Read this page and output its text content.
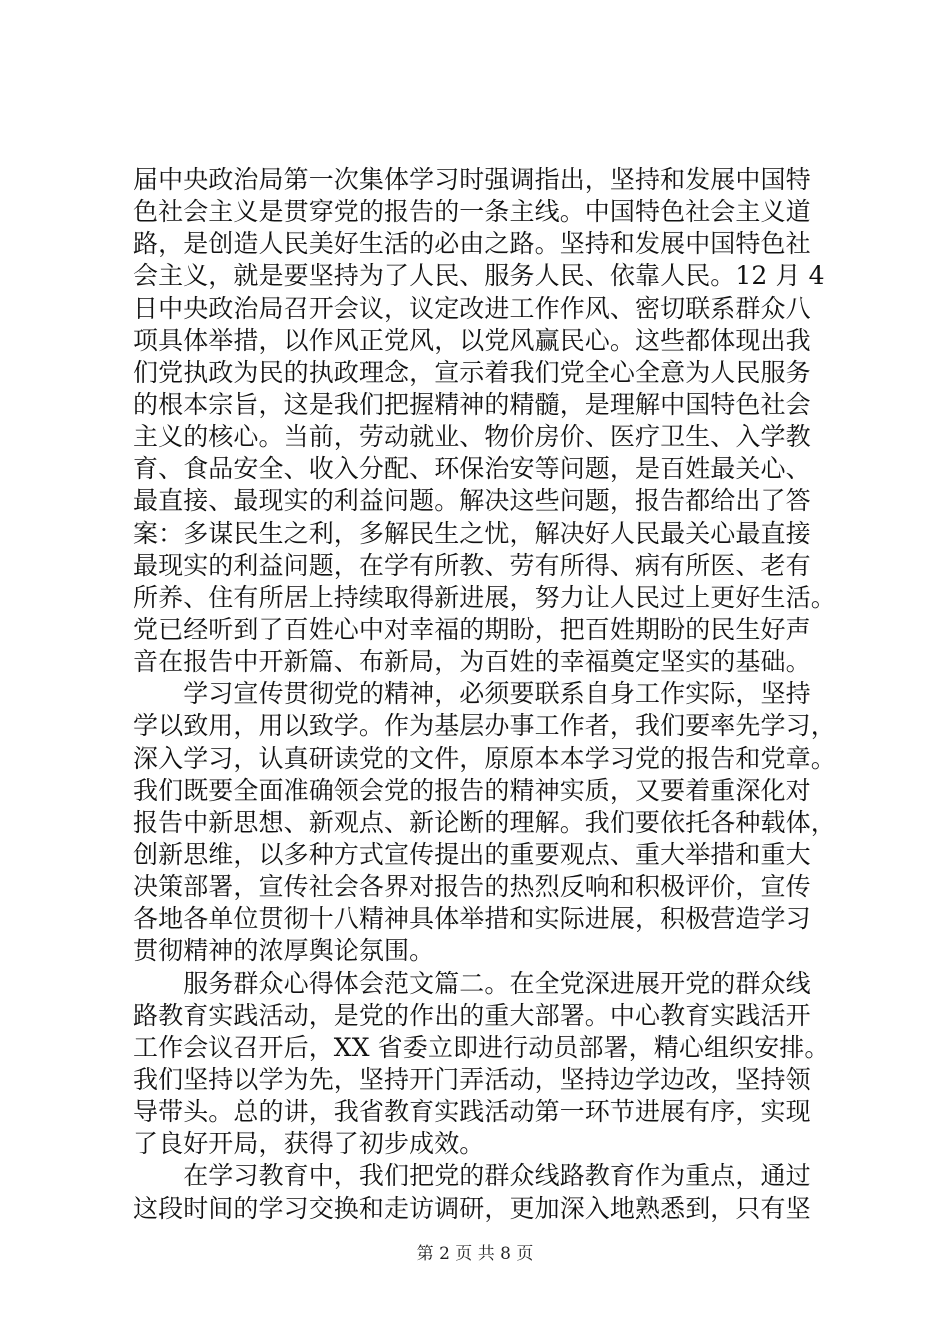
届中央政治局第一次集体学习时强调指出，坚持和发展中国特
色社会主义是贯穿党的报告的一条主线。中国特色社会主义道
路，是创造人民美好生活的必由之路。坚持和发展中国特色社
会主义，就是要坚持为了人民、服务人民、依靠人民。12 月 4
日中央政治局召开会议，议定改进工作作风、密切联系群众八
项具体举措，以作风正党风，以党风赢民心。这些都体现出我
们党执政为民的执政理念，宣示着我们党全心全意为人民服务
的根本宗旨，这是我们把握精神的精髓，是理解中国特色社会
主义的核心。当前，劳动就业、物价房价、医疗卫生、入学教
育、食品安全、收入分配、环保治安等问题，是百姓最关心、
最直接、最现实的利益问题。解决这些问题，报告都给出了答
案：多谋民生之利，多解民生之忧，解决好人民最关心最直接
最现实的利益问题，在学有所教、劳有所得、病有所医、老有
所养、住有所居上持续取得新进展，努力让人民过上更好生活。
党已经听到了百姓心中对幸福的期盼，把百姓期盼的民生好声
音在报告中开新篇、布新局，为百姓的幸福奠定坚实的基础。
　　学习宣传贯彻党的精神，必须要联系自身工作实际，坚持
学以致用，用以致学。作为基层办事工作者，我们要率先学习，
深入学习，认真研读党的文件，原原本本学习党的报告和党章。
我们既要全面准确领会党的报告的精神实质，又要着重深化对
报告中新思想、新观点、新论断的理解。我们要依托各种载体，
创新思维，以多种方式宣传提出的重要观点、重大举措和重大
决策部署，宣传社会各界对报告的热烈反响和积极评价，宣传
各地各单位贯彻十八精神具体举措和实际进展，积极营造学习
贯彻精神的浓厚舆论氛围。
　　服务群众心得体会范文篇二。在全党深进展开党的群众线
路教育实践活动，是党的作出的重大部署。中心教育实践活开
工作会议召开后，XX 省委立即进行动员部署，精心组织安排。
我们坚持以学为先，坚持开门弄活动，坚持边学边改，坚持领
导带头。总的讲，我省教育实践活动第一环节进展有序，实现
了良好开局，获得了初步成效。
　　在学习教育中，我们把党的群众线路教育作为重点，通过
这段时间的学习交换和走访调研，更加深入地熟悉到，只有坚
第 2 页 共 8 页
